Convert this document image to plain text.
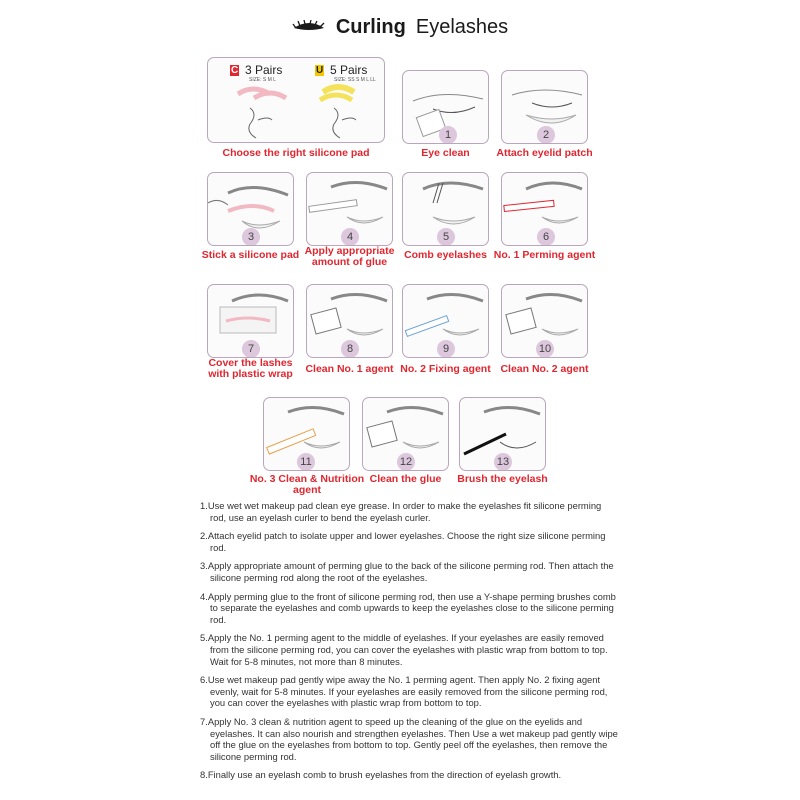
Curling Eyelashes
C 3 Pairs
SIZE: S M L
U 5 Pairs
SIZE: SS S M L LL
Choose the right silicone pad
1
Eye clean
2
Attach eyelid patch
3
Stick a silicone pad
4
Apply appropriate amount of glue
5
Comb eyelashes
6
No. 1 Perming agent
7
Cover the lashes with plastic wrap
8
Clean No. 1 agent
9
No. 2 Fixing agent
10
Clean No. 2 agent
11
No. 3 Clean & Nutrition agent
12
Clean the glue
13
Brush the eyelash
1.Use wet wet makeup pad clean eye grease. In order to make the eyelashes fit silicone perming rod, use an eyelash curler to bend the eyelash curler.
2.Attach eyelid patch to isolate upper and lower eyelashes. Choose the right size silicone perming rod.
3.Apply appropriate amount of perming glue to the back of the silicone perming rod. Then attach the silicone perming rod along the root of the eyelashes.
4.Apply perming glue to the front of silicone perming rod, then use a Y-shape perming brushes comb to separate the eyelashes and comb upwards to keep the eyelashes close to the silicone perming rod.
5.Apply the No. 1 perming agent to the middle of eyelashes. If your eyelashes are easily removed from the silicone perming rod, you can cover the eyelashes with plastic wrap from bottom to top. Wait for 5-8 minutes, not more than 8 minutes.
6.Use wet makeup pad gently wipe away the No. 1 perming agent. Then apply No. 2 fixing agent evenly, wait for 5-8 minutes. If your eyelashes are easily removed from the silicone perming rod, you can cover the eyelashes with plastic wrap from bottom to top.
7.Apply No. 3 clean & nutrition agent to speed up the cleaning of the glue on the eyelids and eyelashes. It can also nourish and strengthen eyelashes. Then Use a wet makeup pad gently wipe off the glue on the eyelashes from bottom to top. Gently peel off the eyelashes, then remove the silicone perming rod.
8.Finally use an eyelash comb to brush eyelashes from the direction of eyelash growth.
